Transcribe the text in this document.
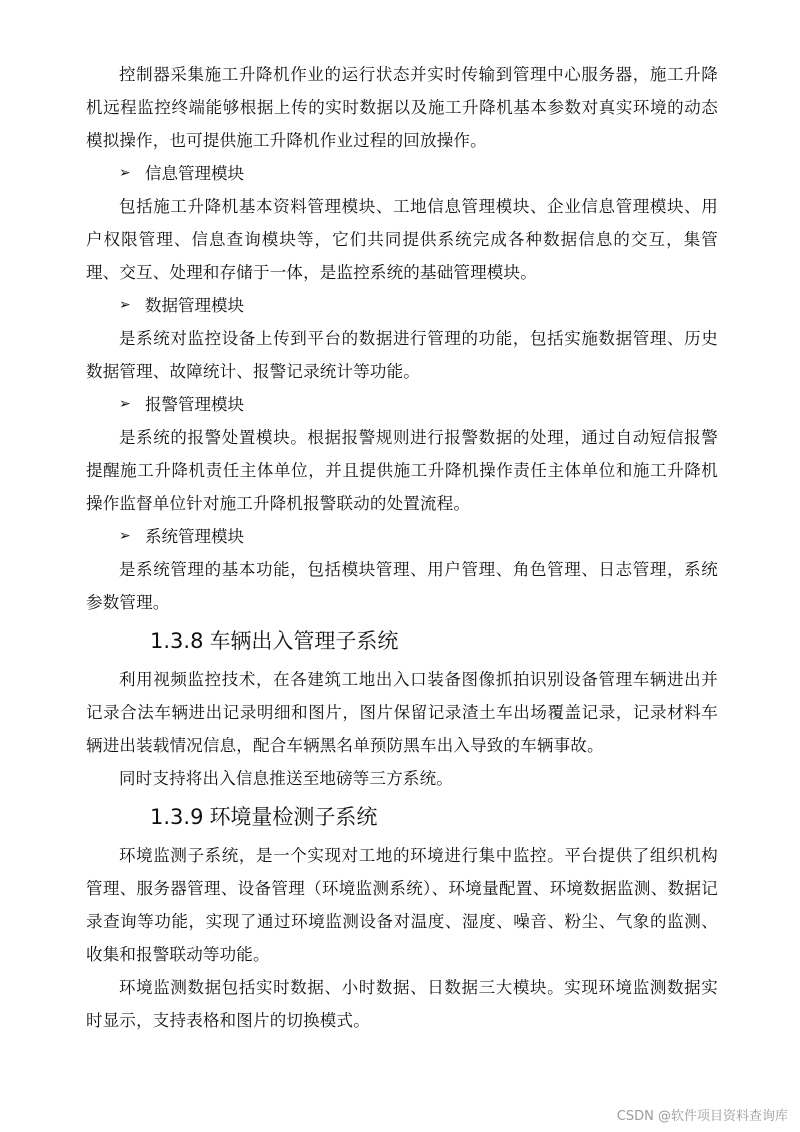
控制器采集施工升降机作业的运行状态并实时传输到管理中心服务器，施工升降机远程监控终端能够根据上传的实时数据以及施工升降机基本参数对真实环境的动态模拟操作，也可提供施工升降机作业过程的回放操作。

➢ 信息管理模块

包括施工升降机基本资料管理模块、工地信息管理模块、企业信息管理模块、用户权限管理、信息查询模块等，它们共同提供系统完成各种数据信息的交互，集管理、交互、处理和存储于一体，是监控系统的基础管理模块。

➢ 数据管理模块

是系统对监控设备上传到平台的数据进行管理的功能，包括实施数据管理、历史数据管理、故障统计、报警记录统计等功能。

➢ 报警管理模块

是系统的报警处置模块。根据报警规则进行报警数据的处理，通过自动短信报警提醒施工升降机责任主体单位，并且提供施工升降机操作责任主体单位和施工升降机操作监督单位针对施工升降机报警联动的处置流程。

➢ 系统管理模块

是系统管理的基本功能，包括模块管理、用户管理、角色管理、日志管理，系统参数管理。

1.3.8 车辆出入管理子系统

利用视频监控技术，在各建筑工地出入口装备图像抓拍识别设备管理车辆进出并记录合法车辆进出记录明细和图片，图片保留记录渣土车出场覆盖记录，记录材料车辆进出装载情况信息，配合车辆黑名单预防黑车出入导致的车辆事故。

同时支持将出入信息推送至地磅等三方系统。

1.3.9 环境量检测子系统

环境监测子系统，是一个实现对工地的环境进行集中监控。平台提供了组织机构管理、服务器管理、设备管理（环境监测系统）、环境量配置、环境数据监测、数据记录查询等功能，实现了通过环境监测设备对温度、湿度、噪音、粉尘、气象的监测、收集和报警联动等功能。

环境监测数据包括实时数据、小时数据、日数据三大模块。实现环境监测数据实时显示，支持表格和图片的切换模式。

CSDN @软件项目资料查询库
